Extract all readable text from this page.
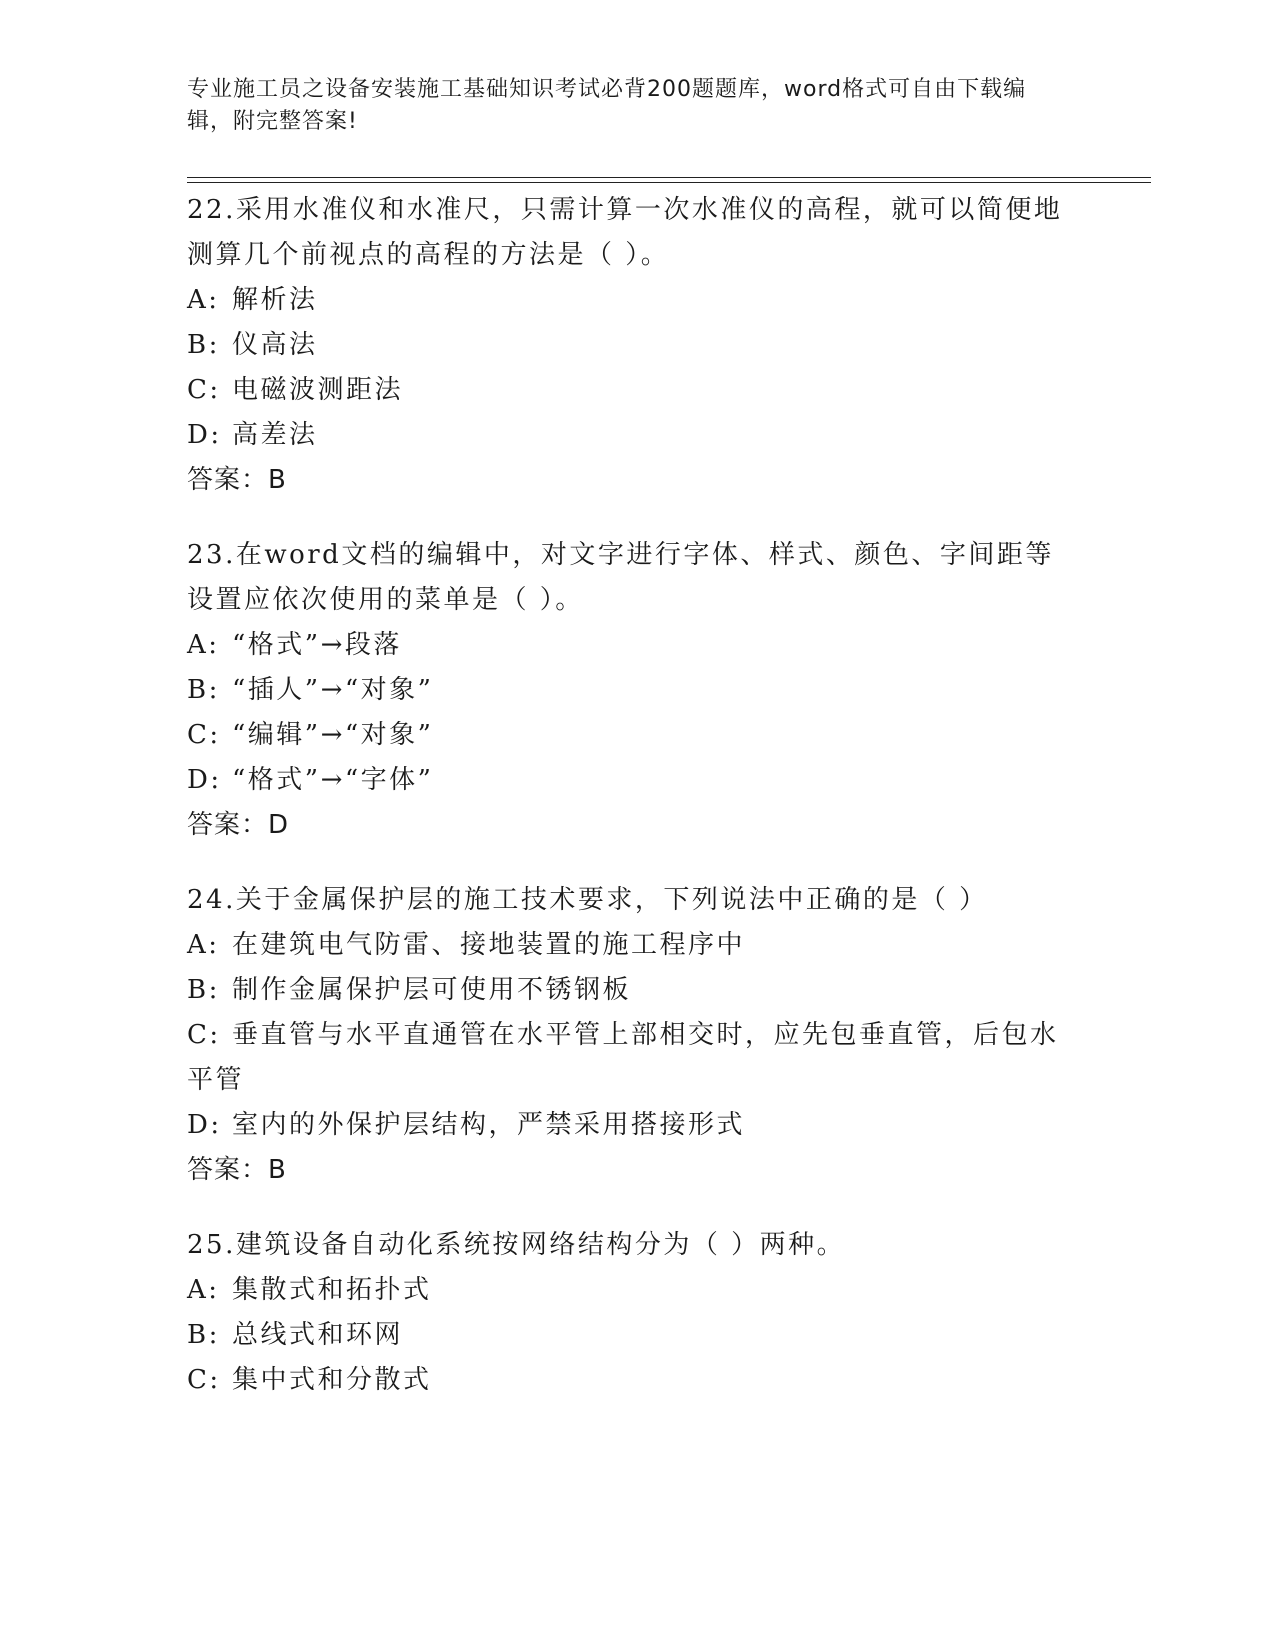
专业施工员之设备安装施工基础知识考试必背200题题库，word格式可自由下载编辑，附完整答案!

22.采用水准仪和水准尺，只需计算一次水准仪的高程，就可以简便地测算几个前视点的高程的方法是（ ）。

A: 解析法

B: 仪高法

C: 电磁波测距法

D: 高差法

答案：B

23.在word文档的编辑中，对文字进行字体、样式、颜色、字间距等设置应依次使用的菜单是（ ）。

A: “格式”→段落

B: “插人”→“对象”

C: “编辑”→“对象”

D: “格式”→“字体”

答案：D

24.关于金属保护层的施工技术要求，下列说法中正确的是（ ）

A: 在建筑电气防雷、接地装置的施工程序中

B: 制作金属保护层可使用不锈钢板

C: 垂直管与水平直通管在水平管上部相交时，应先包垂直管，后包水平管

D: 室内的外保护层结构，严禁采用搭接形式

答案：B

25.建筑设备自动化系统按网络结构分为（ ）两种。

A: 集散式和拓扑式

B: 总线式和环网

C: 集中式和分散式
